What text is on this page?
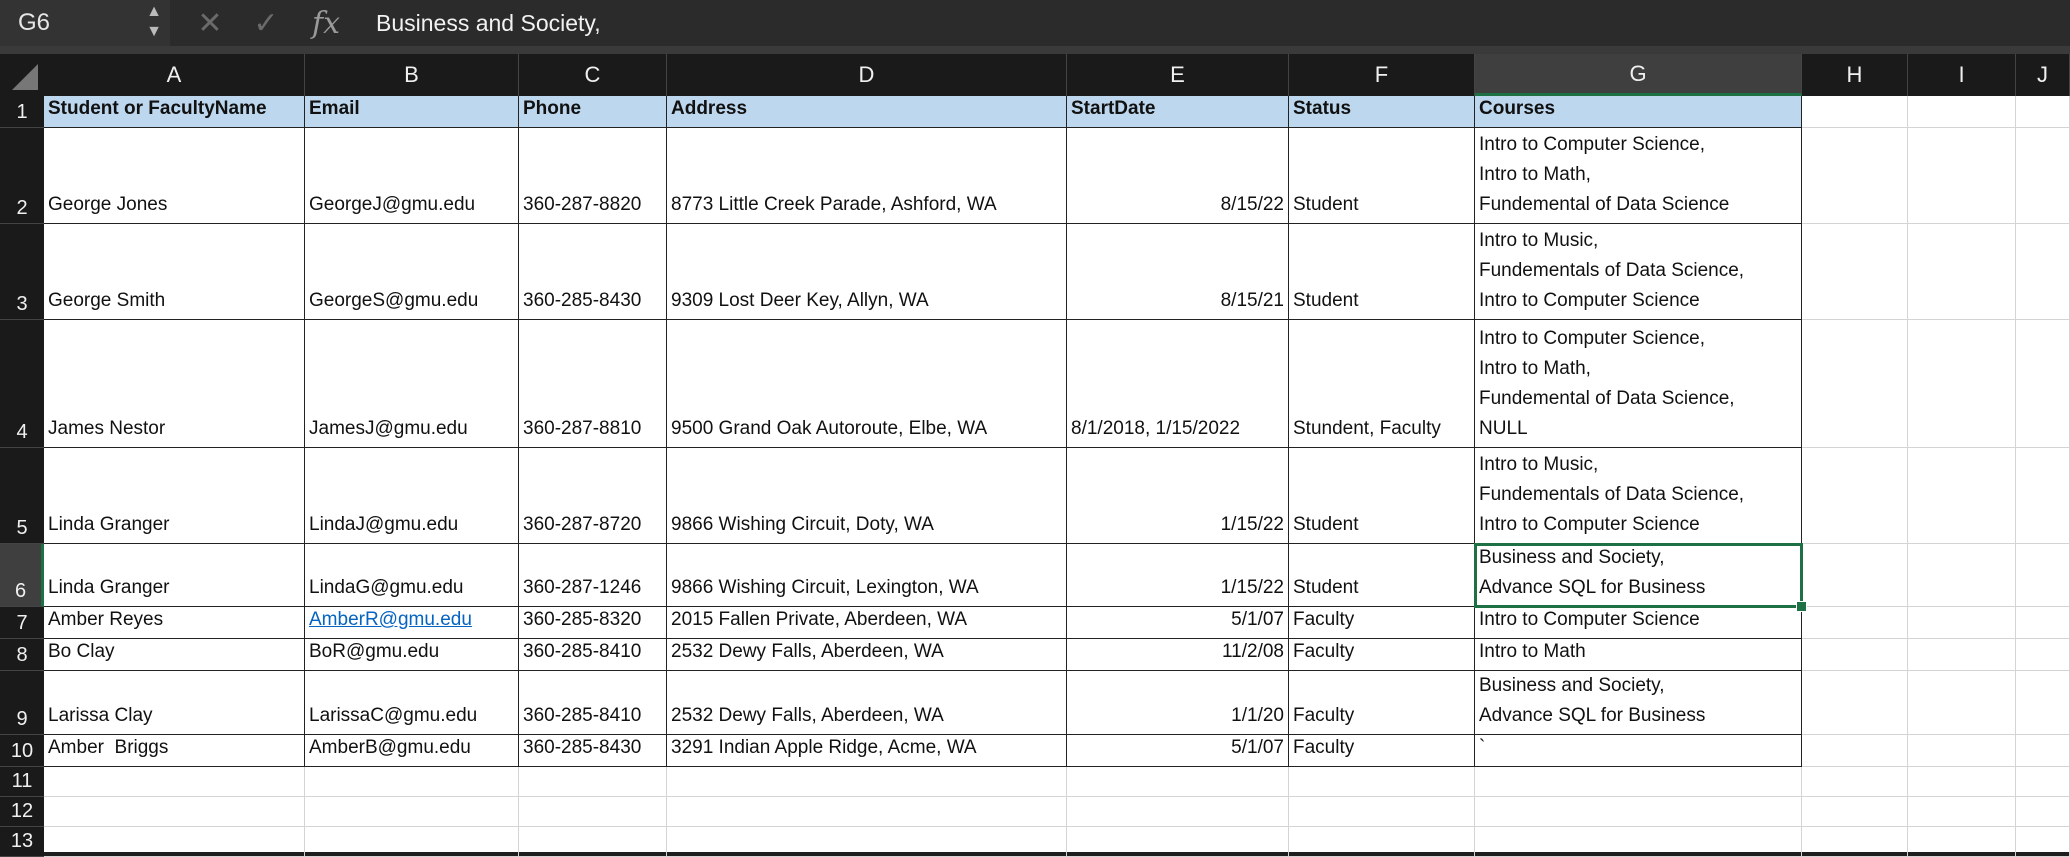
G6	▲
▼ ✕ ✓ fx Business and Society,
A	B	C	D	E	F	G	H	I	J
1	Student or FacultyName	Email	Phone	Address	StartDate	Status	Courses
2	George Jones	GeorgeJ@gmu.edu	360-287-8820	8773 Little Creek Parade, Ashford, WA	8/15/22 Student
Intro to Computer Science,
Intro to Math,
Fundemental of Data Science
3	George Smith	GeorgeS@gmu.edu	360-285-8430	9309 Lost Deer Key, Allyn, WA	8/15/21 Student
Intro to Music,
Fundementals of Data Science,
Intro to Computer Science
4	James Nestor	JamesJ@gmu.edu	360-287-8810	9500 Grand Oak Autoroute, Elbe, WA	8/1/2018, 1/15/2022	Stundent, Faculty
Intro to Computer Science,
Intro to Math,
Fundemental of Data Science,
NULL
5	Linda Granger	LindaJ@gmu.edu	360-287-8720	9866 Wishing Circuit, Doty, WA	1/15/22 Student
Intro to Music,
Fundementals of Data Science,
Intro to Computer Science
6	Linda Granger	LindaG@gmu.edu	360-287-1246	9866 Wishing Circuit, Lexington, WA	1/15/22 Student
Business and Society,
Advance SQL for Business
7	Amber Reyes	AmberR@gmu.edu	360-285-8320	2015 Fallen Private, Aberdeen, WA	5/1/07 Faculty	Intro to Computer Science
8	Bo Clay	BoR@gmu.edu	360-285-8410	2532 Dewy Falls, Aberdeen, WA	11/2/08 Faculty	Intro to Math
9	Larissa Clay	LarissaC@gmu.edu	360-285-8410	2532 Dewy Falls, Aberdeen, WA	1/1/20 Faculty
Business and Society,
Advance SQL for Business
10 Amber  Briggs	AmberB@gmu.edu	360-285-8430	3291 Indian Apple Ridge, Acme, WA	5/1/07 Faculty	`
11
12
13
